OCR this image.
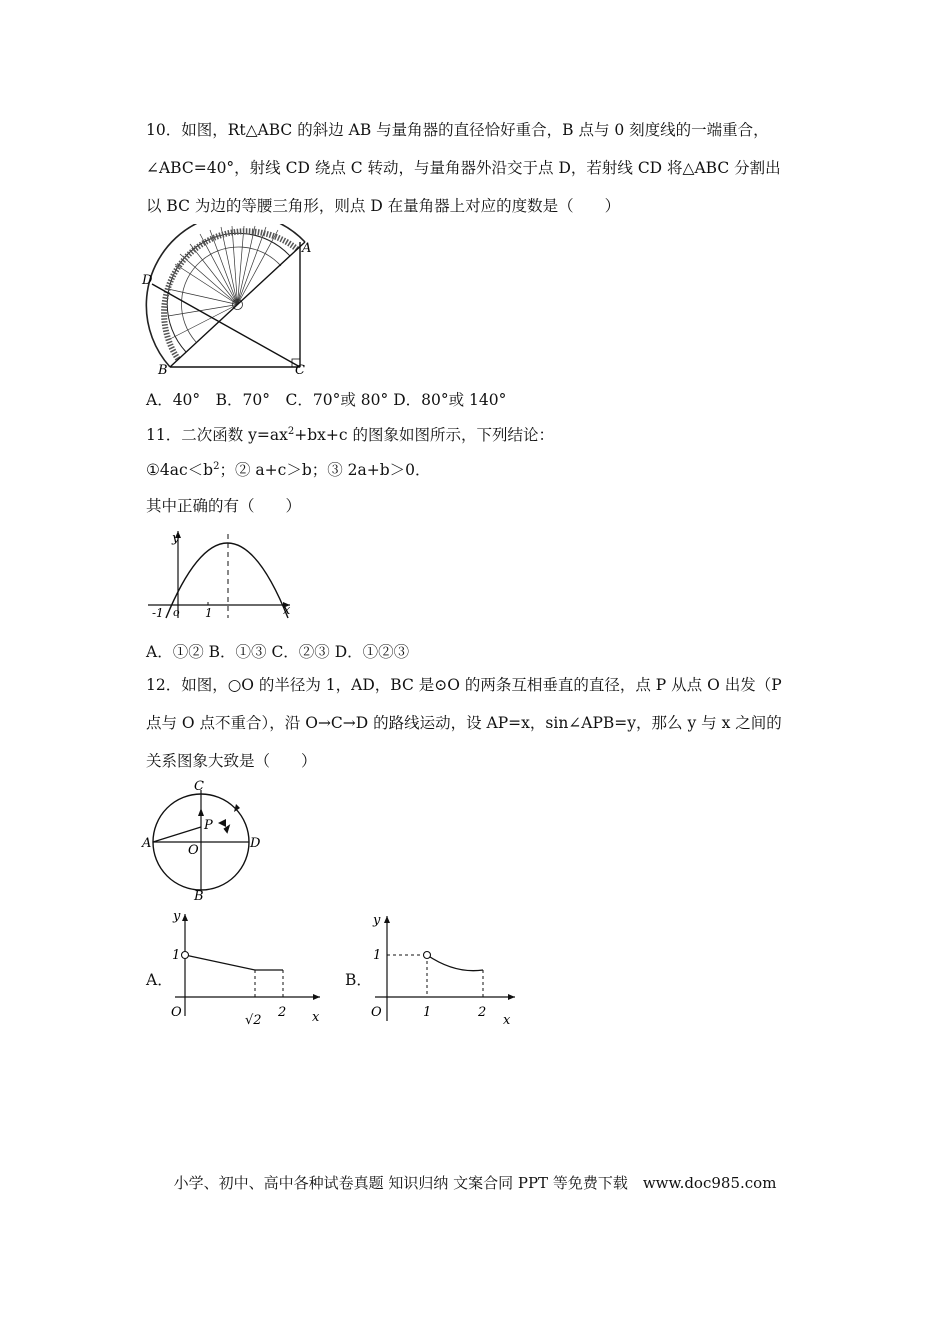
10．如图，Rt△ABC 的斜边 AB 与量角器的直径恰好重合，B 点与 0 刻度线的一端重合，
∠ABC=40°，射线 CD 绕点 C 转动，与量角器外沿交于点 D，若射线 CD 将△ABC 分割出
以 BC 为边的等腰三角形，则点 D 在量角器上对应的度数是（　　）
A
B	C
D
A．40°　B．70°　C．70°或 80° D．80°或 140°
11．二次函数 $y=ax^2+bx+c$ 的图象如图所示，下列结论：
$①4ac<b^2$；② a+c＞b；③ 2a+b＞0．
其中正确的有（　　）
y
x
o
-1	1
A．①② B．①③ C．②③ D．①②③
12．如图，○O 的半径为 1，AD，BC 是⊙O 的两条互相垂直的直径，点 P 从点 O 出发（P
点与 O 点不重合），沿 O→C→D 的路线运动，设 AP=x，sin∠APB=y，那么 y 与 x 之间的
关系图象大致是（　　）
C
B
A	D
O
P
A．
y
x
O
1
√2
2
B．
y
x
O
1
1	2
小学、初中、高中各种试卷真题 知识归纳 文案合同 PPT 等免费下载　www.doc985.com
